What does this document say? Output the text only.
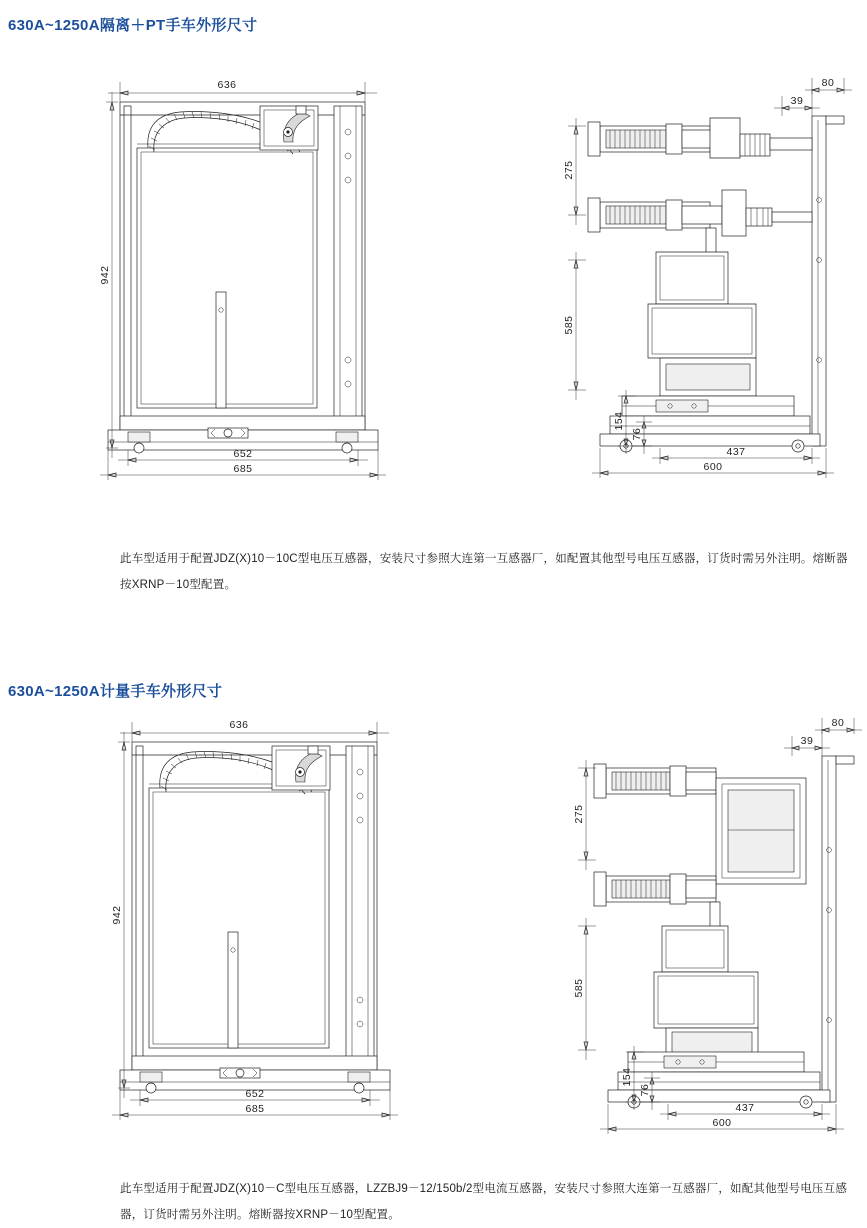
630A~1250A隔离＋PT手车外形尺寸
636
942
652
685
39
80
275
585
154
76
437
600
此车型适用于配置JDZ(X)10－10C型电压互感器，安装尺寸参照大连第一互感器厂，如配置其他型号电压互感器，订货时需另外注明。熔断器按XRNP－10型配置。
630A~1250A计量手车外形尺寸
636
942
652
685
39
80
275
585
154
76
437
600
此车型适用于配置JDZ(X)10－C型电压互感器，LZZBJ9－12/150b/2型电流互感器，安装尺寸参照大连第一互感器厂，如配其他型号电压互感器，订货时需另外注明。熔断器按XRNP－10型配置。
